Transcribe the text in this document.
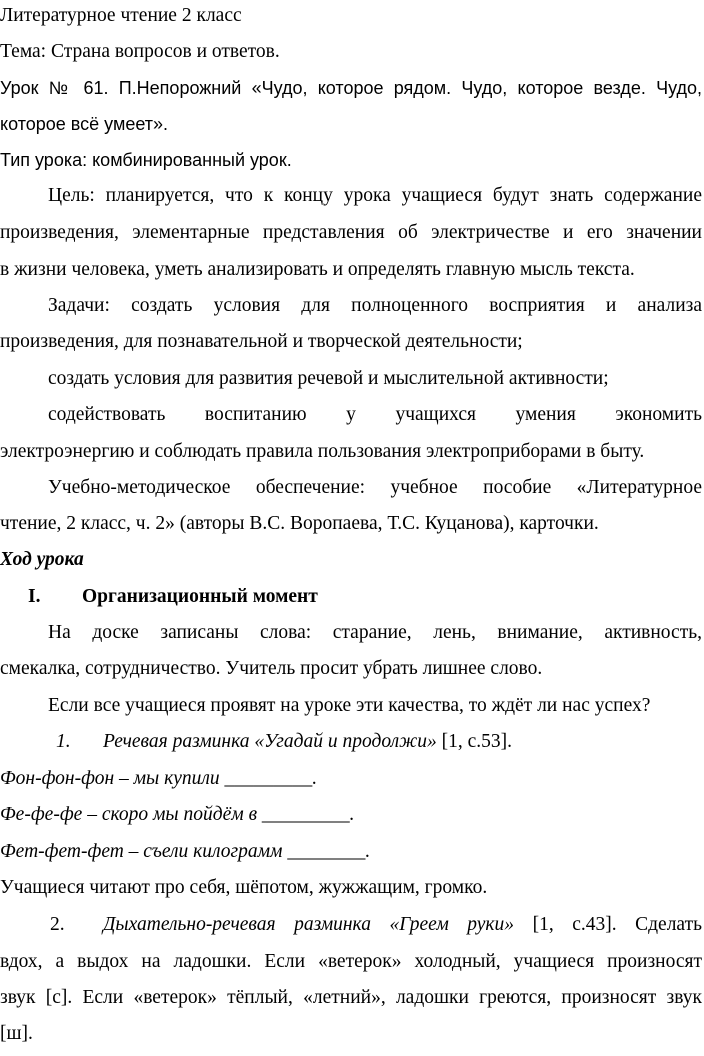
Литературное чтение 2 класс
Тема: Страна вопросов и ответов.
Урок № 61. П.Непорожний «Чудо, которое рядом. Чудо, которое везде. Чудо,
которое всё умеет».
Тип урока: комбинированный урок.
Цель: планируется, что к концу урока учащиеся будут знать содержание
произведения, элементарные представления об электричестве и его значении
в жизни человека, уметь анализировать и определять главную мысль текста.
Задачи: создать условия для полноценного восприятия и анализа
произведения, для познавательной и творческой деятельности;
создать условия для развития речевой и мыслительной активности;
содействовать воспитанию у учащихся умения экономить
электроэнергию и соблюдать правила пользования электроприборами в быту.
Учебно-методическое обеспечение: учебное пособие «Литературное
чтение, 2 класс, ч. 2» (авторы В.С. Воропаева, Т.С. Куцанова), карточки.
Ход урока
I. Организационный момент
На доске записаны слова: старание, лень, внимание, активность,
смекалка, сотрудничество. Учитель просит убрать лишнее слово.
Если все учащиеся проявят на уроке эти качества, то ждёт ли нас успех?
1. Речевая разминка «Угадай и продолжи» [1, с.53].
Фон-фон-фон – мы купили _________.
Фе-фе-фе – скоро мы пойдём в _________.
Фет-фет-фет – съели килограмм ________.
Учащиеся читают про себя, шёпотом, жужжащим, громко.
2. Дыхательно-речевая разминка «Греем руки» [1, с.43]. Сделать
вдох, а выдох на ладошки. Если «ветерок» холодный, учащиеся произносят
звук [с]. Если «ветерок» тёплый, «летний», ладошки греются, произносят звук
[ш].
